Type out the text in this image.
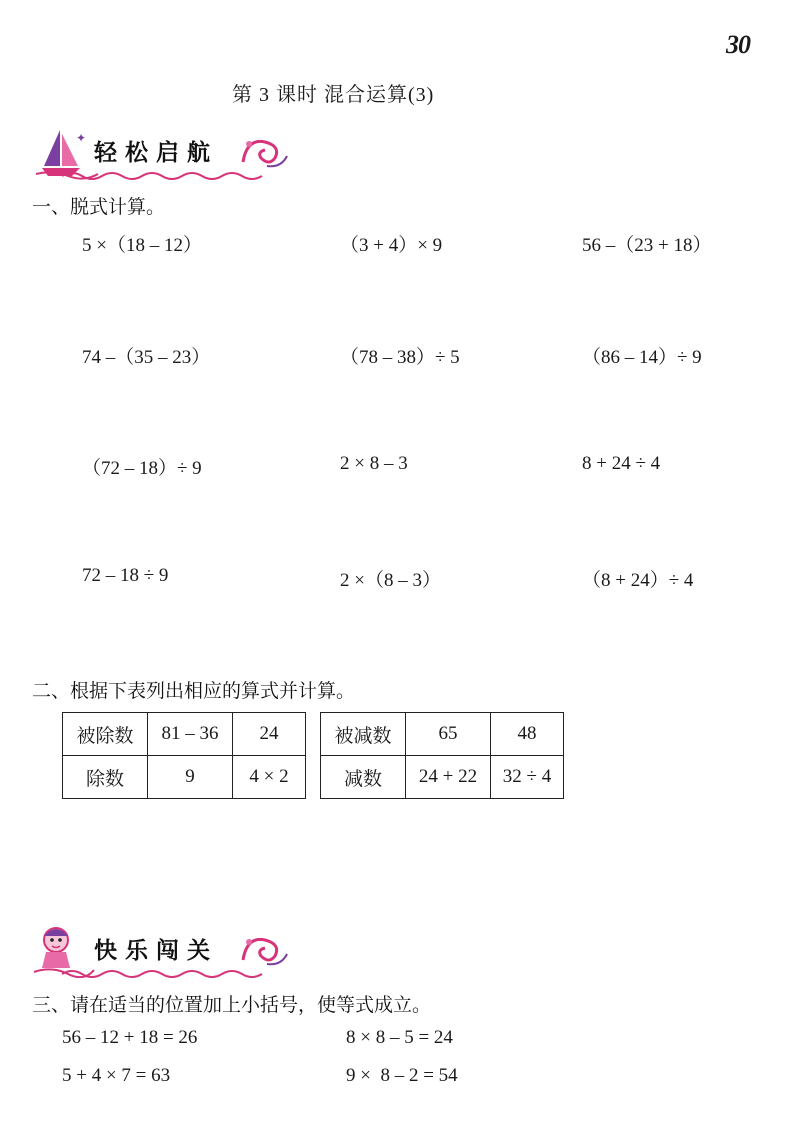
30
第 3 课时 混合运算(3)
✦
轻松启航
一、脱式计算。
5 ×（18 – 12）	（3 + 4）× 9	56 –（23 + 18）
74 –（35 – 23）	（78 – 38）÷ 5	（86 – 14）÷ 9
（72 – 18）÷ 9	2 × 8 – 3	8 + 24 ÷ 4
72 – 18 ÷ 9	2 ×（8 – 3）	（8 + 24）÷ 4
二、根据下表列出相应的算式并计算。
被除数	81 – 36	24
除数	9	4 × 2
被减数	65	48
减数	24 + 22	32 ÷ 4
快乐闯关
三、请在适当的位置加上小括号，使等式成立。
56 – 12 + 18 = 26	8 × 8 – 5 = 24
5 + 4 × 7 = 63	9 ×  8 – 2 = 54
